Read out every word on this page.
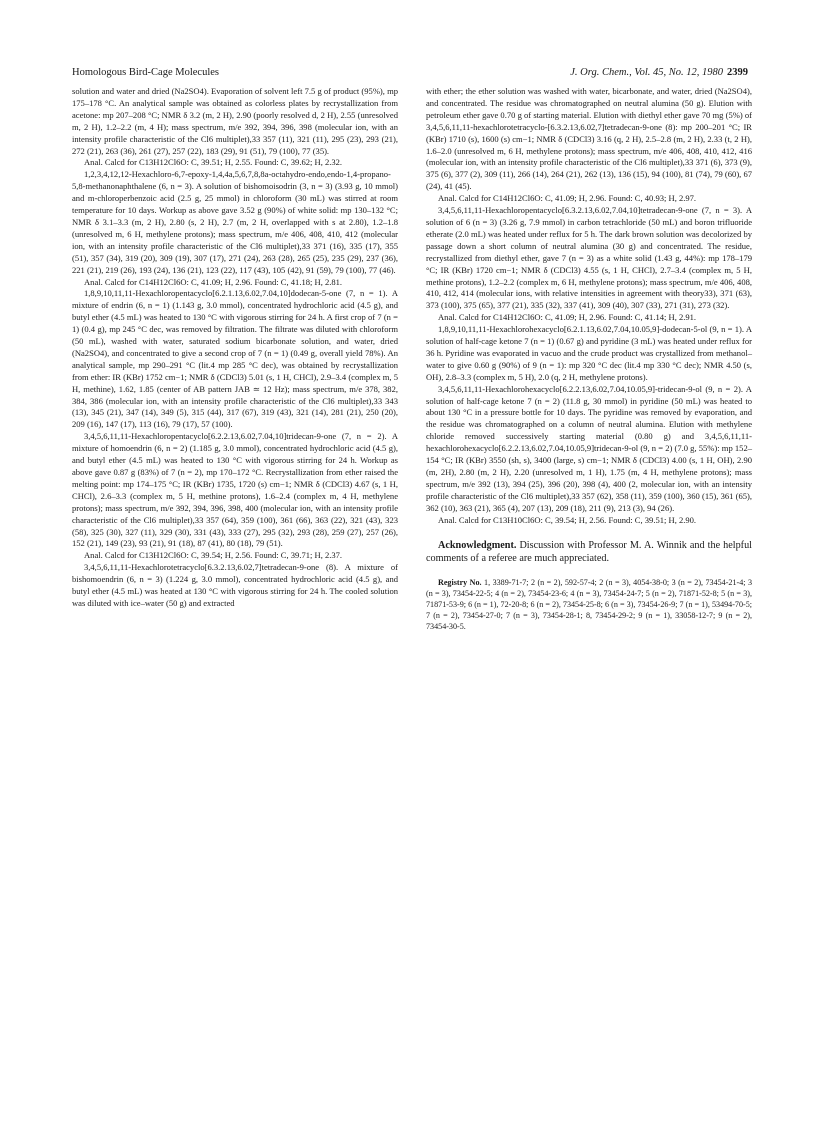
Homologous Bird-Cage Molecules	J. Org. Chem., Vol. 45, No. 12, 1980 2399

solution and water and dried (Na2SO4). Evaporation of solvent left 7.5 g of product (95%), mp 175–178 °C. An analytical sample was obtained as colorless plates by recrystallization from acetone: mp 207–208 °C; NMR δ 3.2 (m, 2 H), 2.90 (poorly resolved d, 2 H), 2.55 (unresolved m, 2 H), 1.2–2.2 (m, 4 H); mass spectrum, m/e 392, 394, 396, 398 (molecular ion, with an intensity profile characteristic of the Cl6 multiplet),33 357 (11), 321 (11), 295 (23), 293 (21), 272 (21), 263 (36), 261 (27), 257 (22), 183 (29), 91 (51), 79 (100), 77 (35).

Anal. Calcd for C13H12Cl6O: C, 39.51; H, 2.55. Found: C, 39.62; H, 2.32.

1,2,3,4,12,12-Hexachloro-6,7-epoxy-1,4,4a,5,6,7,8,8a-octahydro-endo,endo-1,4-propano-5,8-methanonaphthalene (6, n = 3). A solution of bishomoisodrin (3, n = 3) (3.93 g, 10 mmol) and m-chloroperbenzoic acid (2.5 g, 25 mmol) in chloroform (30 mL) was stirred at room temperature for 10 days. Workup as above gave 3.52 g (90%) of white solid: mp 130–132 °C; NMR δ 3.1–3.3 (m, 2 H), 2.80 (s, 2 H), 2.7 (m, 2 H, overlapped with s at 2.80), 1.2–1.8 (unresolved m, 6 H, methylene protons); mass spectrum, m/e 406, 408, 410, 412 (molecular ion, with an intensity profile characteristic of the Cl6 multiplet),33 371 (16), 335 (17), 355 (51), 357 (34), 319 (20), 309 (19), 307 (17), 271 (24), 263 (28), 265 (25), 235 (29), 237 (36), 221 (21), 219 (26), 193 (24), 136 (21), 123 (22), 117 (43), 105 (42), 91 (59), 79 (100), 77 (46).

Anal. Calcd for C14H12Cl6O: C, 41.09; H, 2.96. Found: C, 41.18; H, 2.81.

1,8,9,10,11,11-Hexachloropentacyclo[6.2.1.13,6.02,7.04,10]dodecan-5-one (7, n = 1). A mixture of endrin (6, n = 1) (1.143 g, 3.0 mmol), concentrated hydrochloric acid (4.5 g), and butyl ether (4.5 mL) was heated to 130 °C with vigorous stirring for 24 h. A first crop of 7 (n = 1) (0.4 g), mp 245 °C dec, was removed by filtration. The filtrate was diluted with chloroform (50 mL), washed with water, saturated sodium bicarbonate solution, and water, dried (Na2SO4), and concentrated to give a second crop of 7 (n = 1) (0.49 g, overall yield 78%). An analytical sample, mp 290–291 °C (lit.4 mp 285 °C dec), was obtained by recrystallization from ether: IR (KBr) 1752 cm−1; NMR δ (CDCl3) 5.01 (s, 1 H, CHCl), 2.9–3.4 (complex m, 5 H, methine), 1.62, 1.85 (center of AB pattern JAB ≃ 12 Hz); mass spectrum, m/e 378, 382, 384, 386 (molecular ion, with an intensity profile characteristic of the Cl6 multiplet),33 343 (13), 345 (21), 347 (14), 349 (5), 315 (44), 317 (67), 319 (43), 321 (14), 281 (21), 250 (20), 209 (16), 147 (17), 113 (16), 79 (17), 57 (100).

3,4,5,6,11,11-Hexachloropentacyclo[6.2.2.13,6.02,7.04,10]tridecan-9-one (7, n = 2). A mixture of homoendrin (6, n = 2) (1.185 g, 3.0 mmol), concentrated hydrochloric acid (4.5 g), and butyl ether (4.5 mL) was heated to 130 °C with vigorous stirring for 24 h. Workup as above gave 0.87 g (83%) of 7 (n = 2), mp 170–172 °C. Recrystallization from ether raised the melting point: mp 174–175 °C; IR (KBr) 1735, 1720 (s) cm−1; NMR δ (CDCl3) 4.67 (s, 1 H, CHCl), 2.6–3.3 (complex m, 5 H, methine protons), 1.6–2.4 (complex m, 4 H, methylene protons); mass spectrum, m/e 392, 394, 396, 398, 400 (molecular ion, with an intensity profile characteristic of the Cl6 multiplet),33 357 (64), 359 (100), 361 (66), 363 (22), 321 (43), 323 (58), 325 (30), 327 (11), 329 (30), 331 (43), 333 (27), 295 (32), 293 (28), 259 (27), 257 (26), 152 (21), 149 (23), 93 (21), 91 (18), 87 (41), 80 (18), 79 (51).

Anal. Calcd for C13H12Cl6O: C, 39.54; H, 2.56. Found: C, 39.71; H, 2.37.

3,4,5,6,11,11-Hexachlorotetracyclo[6.3.2.13,6.02,7]tetradecan-9-one (8). A mixture of bishomoendrin (6, n = 3) (1.224 g, 3.0 mmol), concentrated hydrochloric acid (4.5 g), and butyl ether (4.5 mL) was heated at 130 °C with vigorous stirring for 24 h. The cooled solution was diluted with ice–water (50 g) and extracted

with ether; the ether solution was washed with water, bicarbonate, and water, dried (Na2SO4), and concentrated. The residue was chromatographed on neutral alumina (50 g). Elution with petroleum ether gave 0.70 g of starting material. Elution with diethyl ether gave 70 mg (5%) of 3,4,5,6,11,11-hexachlorotetracyclo-[6.3.2.13,6.02,7]tetradecan-9-one (8): mp 200–201 °C; IR (KBr) 1710 (s), 1600 (s) cm−1; NMR δ (CDCl3) 3.16 (q, 2 H), 2.5–2.8 (m, 2 H), 2.33 (t, 2 H), 1.6–2.0 (unresolved m, 6 H, methylene protons); mass spectrum, m/e 406, 408, 410, 412, 416 (molecular ion, with an intensity profile characteristic of the Cl6 multiplet),33 371 (6), 373 (9), 375 (6), 377 (2), 309 (11), 266 (14), 264 (21), 262 (13), 136 (15), 94 (100), 81 (74), 79 (60), 67 (24), 41 (45).

Anal. Calcd for C14H12Cl6O: C, 41.09; H, 2.96. Found: C, 40.93; H, 2.97.

3,4,5,6,11,11-Hexachloropentacyclo[6.3.2.13,6.02,7.04,10]tetradecan-9-one (7, n = 3). A solution of 6 (n = 3) (3.26 g, 7.9 mmol) in carbon tetrachloride (50 mL) and boron trifluoride etherate (2.0 mL) was heated under reflux for 5 h. The dark brown solution was decolorized by passage down a short column of neutral alumina (30 g) and concentrated. The residue, recrystallized from diethyl ether, gave 7 (n = 3) as a white solid (1.43 g, 44%): mp 178–179 °C; IR (KBr) 1720 cm−1; NMR δ (CDCl3) 4.55 (s, 1 H, CHCl), 2.7–3.4 (complex m, 5 H, methine protons), 1.2–2.2 (complex m, 6 H, methylene protons); mass spectrum, m/e 406, 408, 410, 412, 414 (molecular ions, with relative intensities in agreement with theory33), 371 (63), 373 (100), 375 (65), 377 (21), 335 (32), 337 (41), 309 (40), 307 (33), 271 (31), 273 (32).

Anal. Calcd for C14H12Cl6O: C, 41.09; H, 2.96. Found: C, 41.14; H, 2.91.

1,8,9,10,11,11-Hexachlorohexacyclo[6.2.1.13,6.02,7.04,10.05,9]-dodecan-5-ol (9, n = 1). A solution of half-cage ketone 7 (n = 1) (0.67 g) and pyridine (3 mL) was heated under reflux for 36 h. Pyridine was evaporated in vacuo and the crude product was crystallized from methanol–water to give 0.60 g (90%) of 9 (n = 1): mp 320 °C dec (lit.4 mp 330 °C dec); NMR 4.50 (s, OH), 2.8–3.3 (complex m, 5 H), 2.0 (q, 2 H, methylene protons).

3,4,5,6,11,11-Hexachlorohexacyclo[6.2.2.13,6.02,7.04,10.05,9]-tridecan-9-ol (9, n = 2). A solution of half-cage ketone 7 (n = 2) (11.8 g, 30 mmol) in pyridine (50 mL) was heated to about 130 °C in a pressure bottle for 10 days. The pyridine was removed by evaporation, and the residue was chromatographed on a column of neutral alumina. Elution with methylene chloride removed successively starting material (0.80 g) and 3,4,5,6,11,11-hexachlorohexacyclo[6.2.2.13,6.02,7.04,10.05,9]tridecan-9-ol (9, n = 2) (7.0 g, 55%): mp 152–154 °C; IR (KBr) 3550 (sh, s), 3400 (large, s) cm−1; NMR δ (CDCl3) 4.00 (s, 1 H, OH), 2.90 (m, 2H), 2.80 (m, 2 H), 2.20 (unresolved m, 1 H), 1.75 (m, 4 H, methylene protons); mass spectrum, m/e 392 (13), 394 (25), 396 (20), 398 (4), 400 (2, molecular ion, with an intensity profile characteristic of the Cl6 multiplet),33 357 (62), 358 (11), 359 (100), 360 (15), 361 (65), 362 (10), 363 (21), 365 (4), 207 (13), 209 (18), 211 (9), 213 (3), 94 (26).

Anal. Calcd for C13H10Cl6O: C, 39.54; H, 2.56. Found: C, 39.51; H, 2.90.

Acknowledgment. Discussion with Professor M. A. Winnik and the helpful comments of a referee are much appreciated.

Registry No. 1, 3389-71-7; 2 (n = 2), 592-57-4; 2 (n = 3), 4054-38-0; 3 (n = 2), 73454-21-4; 3 (n = 3), 73454-22-5; 4 (n = 2), 73454-23-6; 4 (n = 3), 73454-24-7; 5 (n = 2), 71871-52-8; 5 (n = 3), 71871-53-9; 6 (n = 1), 72-20-8; 6 (n = 2), 73454-25-8; 6 (n = 3), 73454-26-9; 7 (n = 1), 53494-70-5; 7 (n = 2), 73454-27-0; 7 (n = 3), 73454-28-1; 8, 73454-29-2; 9 (n = 1), 33058-12-7; 9 (n = 2), 73454-30-5.
